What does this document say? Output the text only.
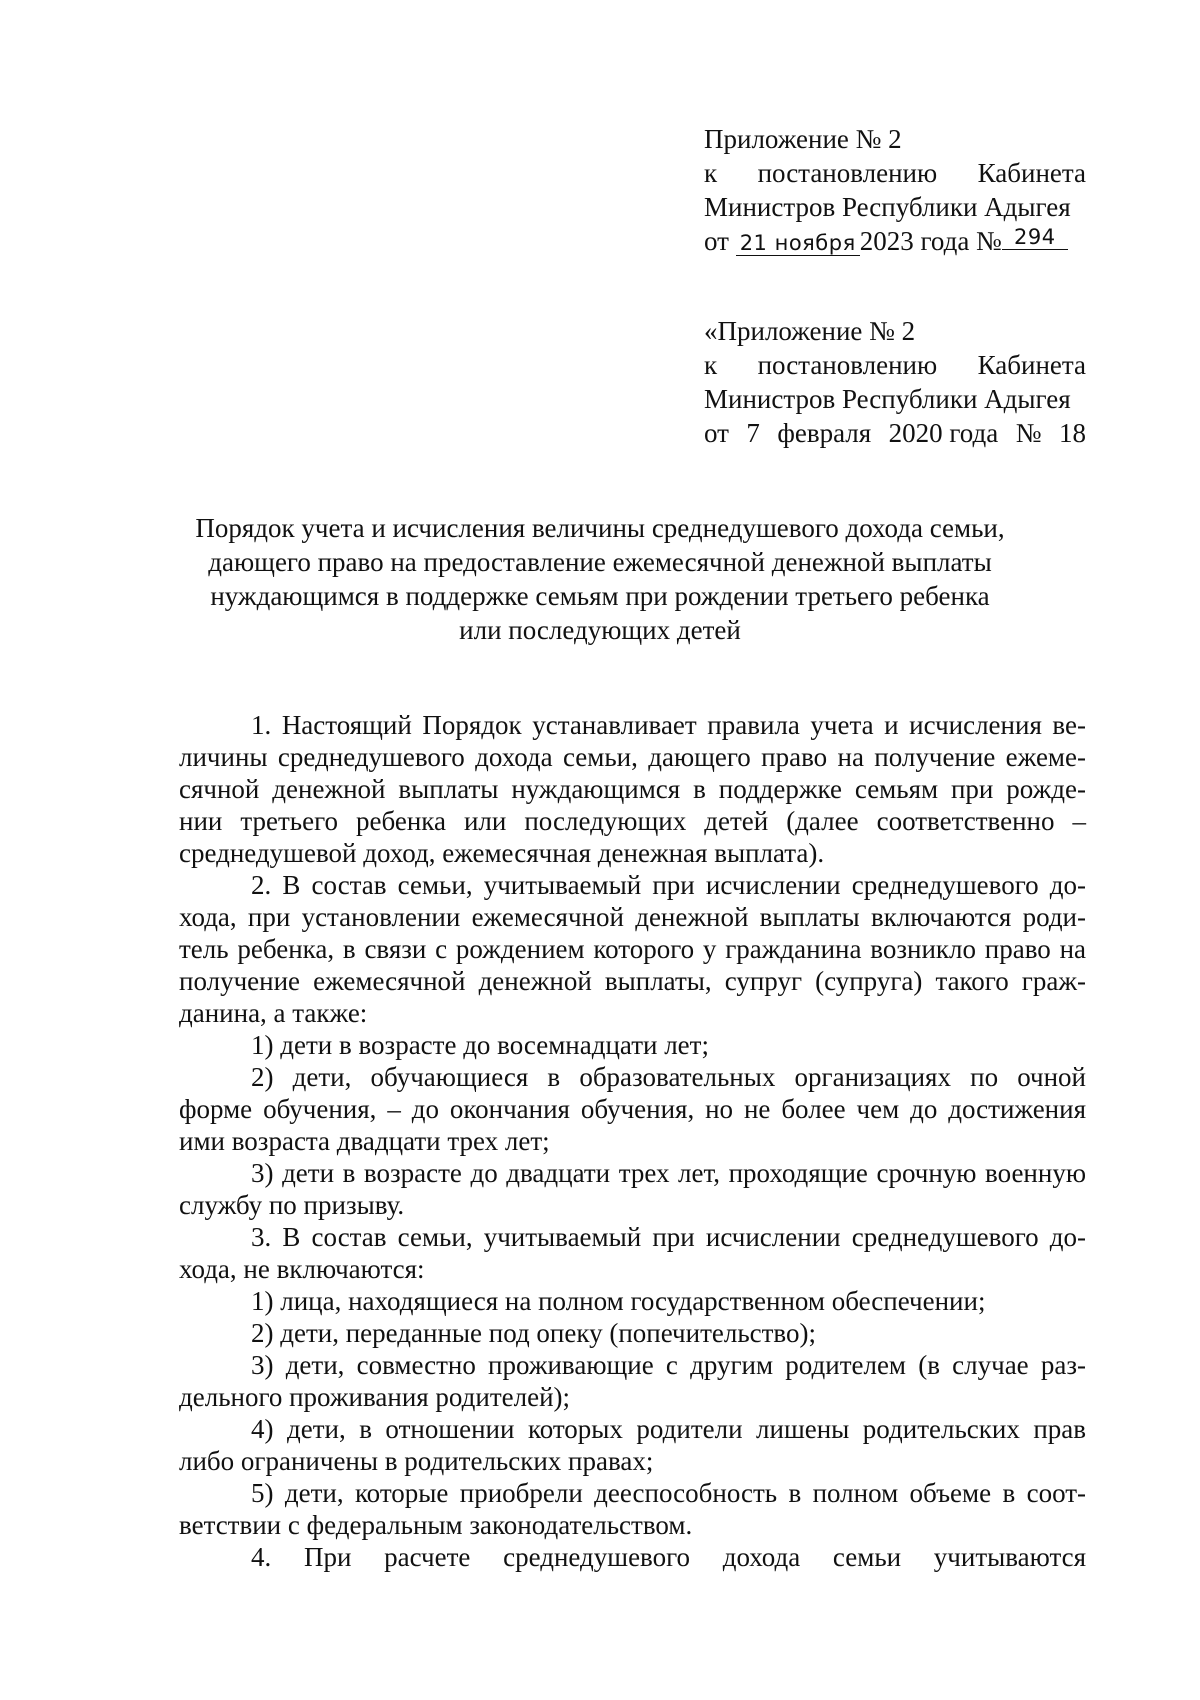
Приложение № 2
к постановлению Кабинета
Министров Республики Адыгея
от 21 ноября 2023 года № 294
«Приложение № 2
к постановлению Кабинета
Министров Республики Адыгея
от 7 февраля 2020 года № 18
Порядок учета и исчисления величины среднедушевого дохода семьи,
дающего право на предоставление ежемесячной денежной выплаты
нуждающимся в поддержке семьям при рождении третьего ребенка
или последующих детей
1. Настоящий Порядок устанавливает правила учета и исчисления ве-
личины среднедушевого дохода семьи, дающего право на получение ежеме-
сячной денежной выплаты нуждающимся в поддержке семьям при рожде-
нии третьего ребенка или последующих детей (далее соответственно –
среднедушевой доход, ежемесячная денежная выплата).
2. В состав семьи, учитываемый при исчислении среднедушевого до-
хода, при установлении ежемесячной денежной выплаты включаются роди-
тель ребенка, в связи с рождением которого у гражданина возникло право на
получение ежемесячной денежной выплаты, супруг (супруга) такого граж-
данина, а также:
1) дети в возрасте до восемнадцати лет;
2) дети, обучающиеся в образовательных организациях по очной
форме обучения, – до окончания обучения, но не более чем до достижения
ими возраста двадцати трех лет;
3) дети в возрасте до двадцати трех лет, проходящие срочную военную
службу по призыву.
3. В состав семьи, учитываемый при исчислении среднедушевого до-
хода, не включаются:
1) лица, находящиеся на полном государственном обеспечении;
2) дети, переданные под опеку (попечительство);
3) дети, совместно проживающие с другим родителем (в случае раз-
дельного проживания родителей);
4) дети, в отношении которых родители лишены родительских прав
либо ограничены в родительских правах;
5) дети, которые приобрели дееспособность в полном объеме в соот-
ветствии с федеральным законодательством.
4. При расчете среднедушевого дохода семьи учитываются
